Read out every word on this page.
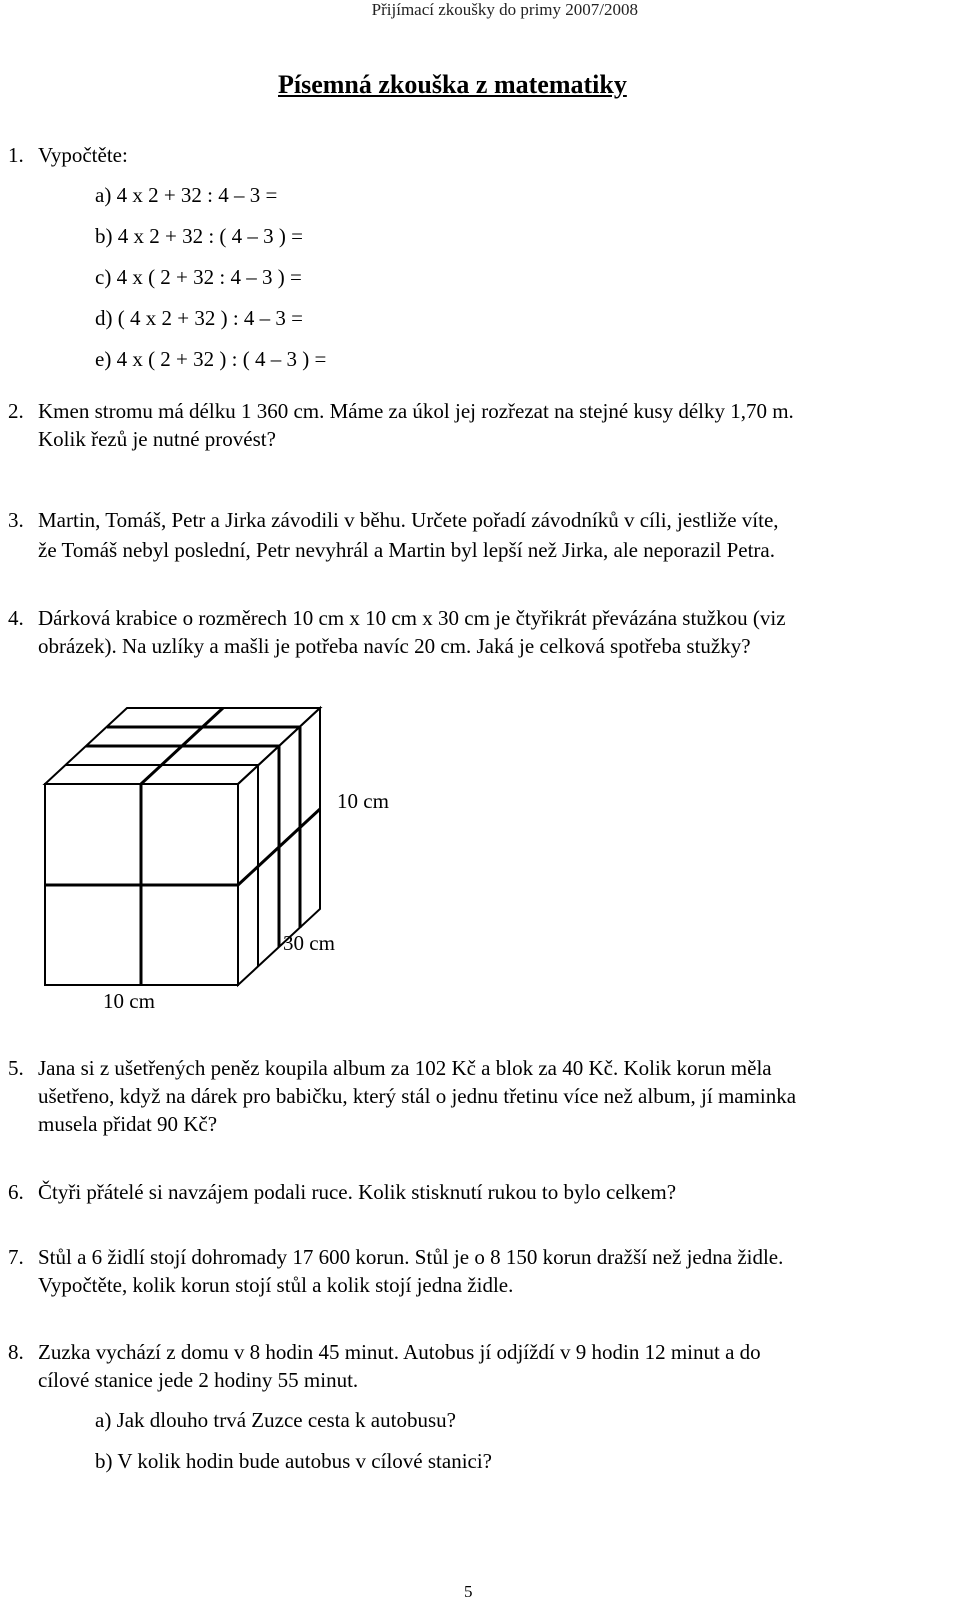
Přijímací zkoušky do primy 2007/2008
Písemná zkouška z matematiky
1. Vypočtěte:
a) 4 x 2 + 32 : 4 – 3 =
b) 4 x 2 + 32 : ( 4 – 3 ) =
c) 4 x ( 2 + 32 : 4 – 3 ) =
d) ( 4 x 2 + 32 ) : 4 – 3 =
e) 4 x ( 2 + 32 ) : ( 4 – 3 ) =
2. Kmen stromu má délku 1 360 cm. Máme za úkol jej rozřezat na stejné kusy délky 1,70 m.
Kolik řezů je nutné provést?
3. Martin, Tomáš, Petr a Jirka závodili v běhu. Určete pořadí závodníků v cíli, jestliže víte,
že Tomáš nebyl poslední, Petr nevyhrál a Martin byl lepší než Jirka, ale neporazil Petra.
4. Dárková krabice o rozměrech 10 cm x 10 cm x 30 cm je čtyřikrát převázána stužkou (viz
obrázek). Na uzlíky a mašli je potřeba navíc 20 cm. Jaká je celková spotřeba stužky?
10 cm
30 cm
10 cm
5. Jana si z ušetřených peněz koupila album za 102 Kč a blok za 40 Kč. Kolik korun měla
ušetřeno, když na dárek pro babičku, který stál o jednu třetinu více než album, jí maminka
musela přidat 90 Kč?
6. Čtyři přátelé si navzájem podali ruce. Kolik stisknutí rukou to bylo celkem?
7. Stůl a 6 židlí stojí dohromady 17 600 korun. Stůl je o 8 150 korun dražší než jedna židle.
Vypočtěte, kolik korun stojí stůl a kolik stojí jedna židle.
8. Zuzka vychází z domu v 8 hodin 45 minut. Autobus jí odjíždí v 9 hodin 12 minut a do
cílové stanice jede 2 hodiny 55 minut.
a) Jak dlouho trvá Zuzce cesta k autobusu?
b) V kolik hodin bude autobus v cílové stanici?
5
